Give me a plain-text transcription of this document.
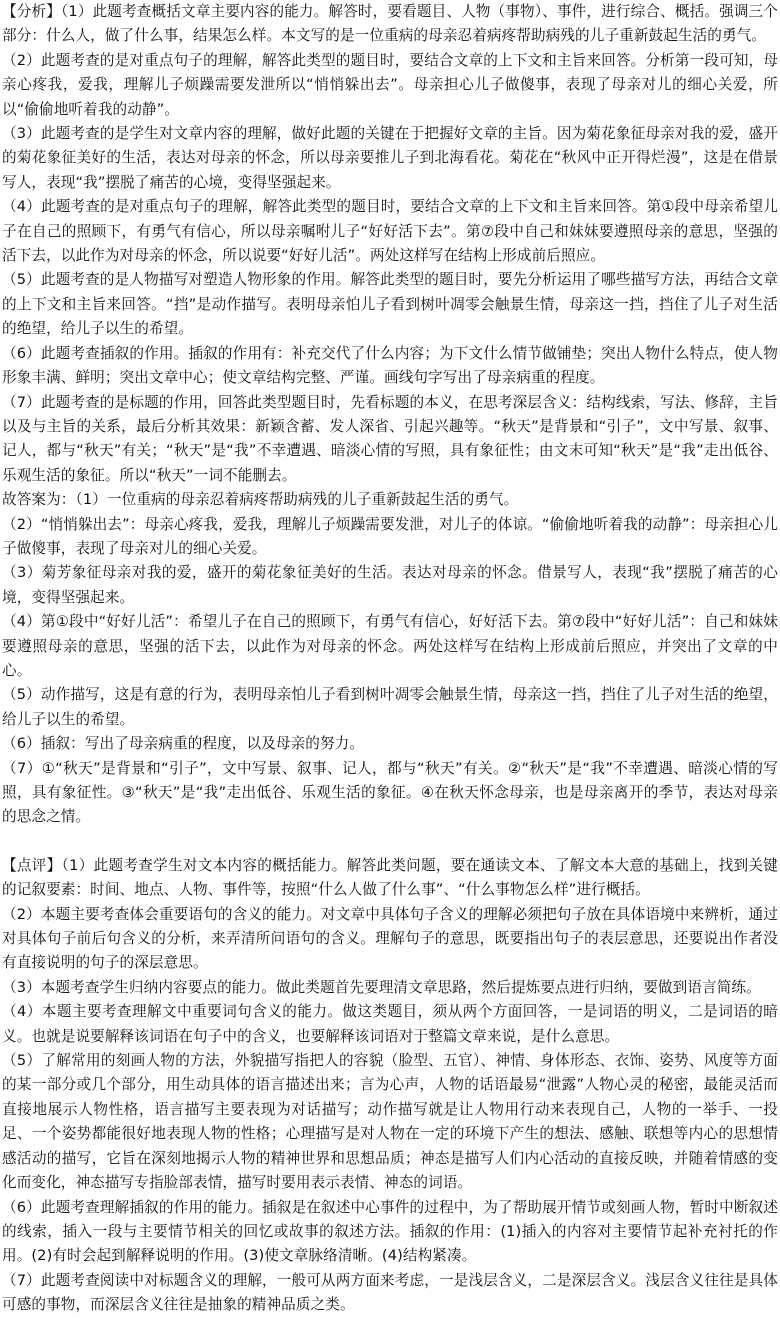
【分析】（1）此题考查概括文章主要内容的能力。解答时，要看题目、人物（事物）、事件，进行综合、概括。强调三个部分：什么人，做了什么事，结果怎么样。本文写的是一位重病的母亲忍着病疼帮助病残的儿子重新鼓起生活的勇气。

（2）此题考查的是对重点句子的理解，解答此类型的题目时，要结合文章的上下文和主旨来回答。分析第一段可知，母亲心疼我，爱我，理解儿子烦躁需要发泄所以“悄悄躲出去”。母亲担心儿子做傻事，表现了母亲对儿的细心关爱，所以“偷偷地听着我的动静”。

（3）此题考查的是学生对文章内容的理解，做好此题的关键在于把握好文章的主旨。因为菊花象征母亲对我的爱，盛开的菊花象征美好的生活，表达对母亲的怀念，所以母亲要推儿子到北海看花。菊花在“秋风中正开得烂漫”，这是在借景写人，表现“我”摆脱了痛苦的心境，变得坚强起来。

（4）此题考查的是对重点句子的理解，解答此类型的题目时，要结合文章的上下文和主旨来回答。第①段中母亲希望儿子在自己的照顾下，有勇气有信心，所以母亲嘱咐儿子“好好活下去”。第⑦段中自己和妹妹要遵照母亲的意思，坚强的活下去，以此作为对母亲的怀念，所以说要“好好儿活”。两处这样写在结构上形成前后照应。

（5）此题考查的是人物描写对塑造人物形象的作用。解答此类型的题目时，要先分析运用了哪些描写方法，再结合文章的上下文和主旨来回答。“挡”是动作描写。表明母亲怕儿子看到树叶凋零会触景生情，母亲这一挡，挡住了儿子对生活的绝望，给儿子以生的希望。

（6）此题考查插叙的作用。插叙的作用有：补充交代了什么内容；为下文什么情节做铺垫；突出人物什么特点，使人物形象丰满、鲜明；突出文章中心；使文章结构完整、严谨。画线句字写出了母亲病重的程度。

（7）此题考查的是标题的作用，回答此类型题目时，先看标题的本义，在思考深层含义：结构线索，写法、修辞，主旨以及与主旨的关系，最后分析其效果：新颖含蓄、发人深省、引起兴趣等。“秋天”是背景和“引子”，文中写景、叙事、记人，都与“秋天”有关；“秋天”是“我”不幸遭遇、暗淡心情的写照，具有象征性；由文末可知“秋天”是“我”走出低谷、乐观生活的象征。所以“秋天”一词不能删去。

故答案为：（1）一位重病的母亲忍着病疼帮助病残的儿子重新鼓起生活的勇气。

（2）“悄悄躲出去”：母亲心疼我，爱我，理解儿子烦躁需要发泄，对儿子的体谅。“偷偷地听着我的动静”：母亲担心儿子做傻事，表现了母亲对儿的细心关爱。

（3）菊芳象征母亲对我的爱，盛开的菊花象征美好的生活。表达对母亲的怀念。借景写人，表现“我”摆脱了痛苦的心境，变得坚强起来。

（4）第①段中“好好儿活”：希望儿子在自己的照顾下，有勇气有信心，好好活下去。第⑦段中“好好儿活”：自己和妹妹要遵照母亲的意思，坚强的活下去，以此作为对母亲的怀念。两处这样写在结构上形成前后照应，并突出了文章的中心。

（5）动作描写，这是有意的行为，表明母亲怕儿子看到树叶凋零会触景生情，母亲这一挡，挡住了儿子对生活的绝望，给儿子以生的希望。

（6）插叙：写出了母亲病重的程度，以及母亲的努力。

（7）①“秋天”是背景和“引子”，文中写景、叙事、记人，都与“秋天”有关。②“秋天”是“我”不幸遭遇、暗淡心情的写照，具有象征性。③“秋天”是“我”走出低谷、乐观生活的象征。④在秋天怀念母亲，也是母亲离开的季节，表达对母亲的思念之情。

【点评】（1）此题考查学生对文本内容的概括能力。解答此类问题，要在通读文本、了解文本大意的基础上，找到关键的记叙要素：时间、地点、人物、事件等，按照“什么人做了什么事”、“什么事物怎么样”进行概括。

（2）本题主要考查体会重要语句的含义的能力。对文章中具体句子含义的理解必须把句子放在具体语境中来辨析，通过对具体句子前后句含义的分析，来弄清所问语句的含义。理解句子的意思，既要指出句子的表层意思，还要说出作者没有直接说明的句子的深层意思。

（3）本题考查学生归纳内容要点的能力。做此类题首先要理清文章思路，然后提炼要点进行归纳，要做到语言简练。

（4）本题主要考查理解文中重要词句含义的能力。做这类题目，须从两个方面回答，一是词语的明义，二是词语的暗义。也就是说要解释该词语在句子中的含义，也要解释该词语对于整篇文章来说，是什么意思。

（5）了解常用的刻画人物的方法，外貌描写指把人的容貌（脸型、五官）、神情、身体形态、衣饰、姿势、风度等方面的某一部分或几个部分，用生动具体的语言描述出来；言为心声，人物的话语最易“泄露”人物心灵的秘密，最能灵活而直接地展示人物性格，语言描写主要表现为对话描写；动作描写就是让人物用行动来表现自己，人物的一举手、一投足、一个姿势都能很好地表现人物的性格；心理描写是对人物在一定的环境下产生的想法、感触、联想等内心的思想情感活动的描写，它旨在深刻地揭示人物的精神世界和思想品质；神态是描写人们内心活动的直接反映，并随着情感的变化而变化，神态描写专指脸部表情，描写时要用表示表情、神态的词语。

（6）此题考查理解插叙的作用的能力。插叙是在叙述中心事件的过程中，为了帮助展开情节或刻画人物，暂时中断叙述的线索，插入一段与主要情节相关的回忆或故事的叙述方法。插叙的作用：(1)插入的内容对主要情节起补充衬托的作用。(2)有时会起到解释说明的作用。(3)使文章脉络清晰。(4)结构紧凑。

（7）此题考查阅读中对标题含义的理解，一般可从两方面来考虑，一是浅层含义，二是深层含义。浅层含义往往是具体可感的事物，而深层含义往往是抽象的精神品质之类。
